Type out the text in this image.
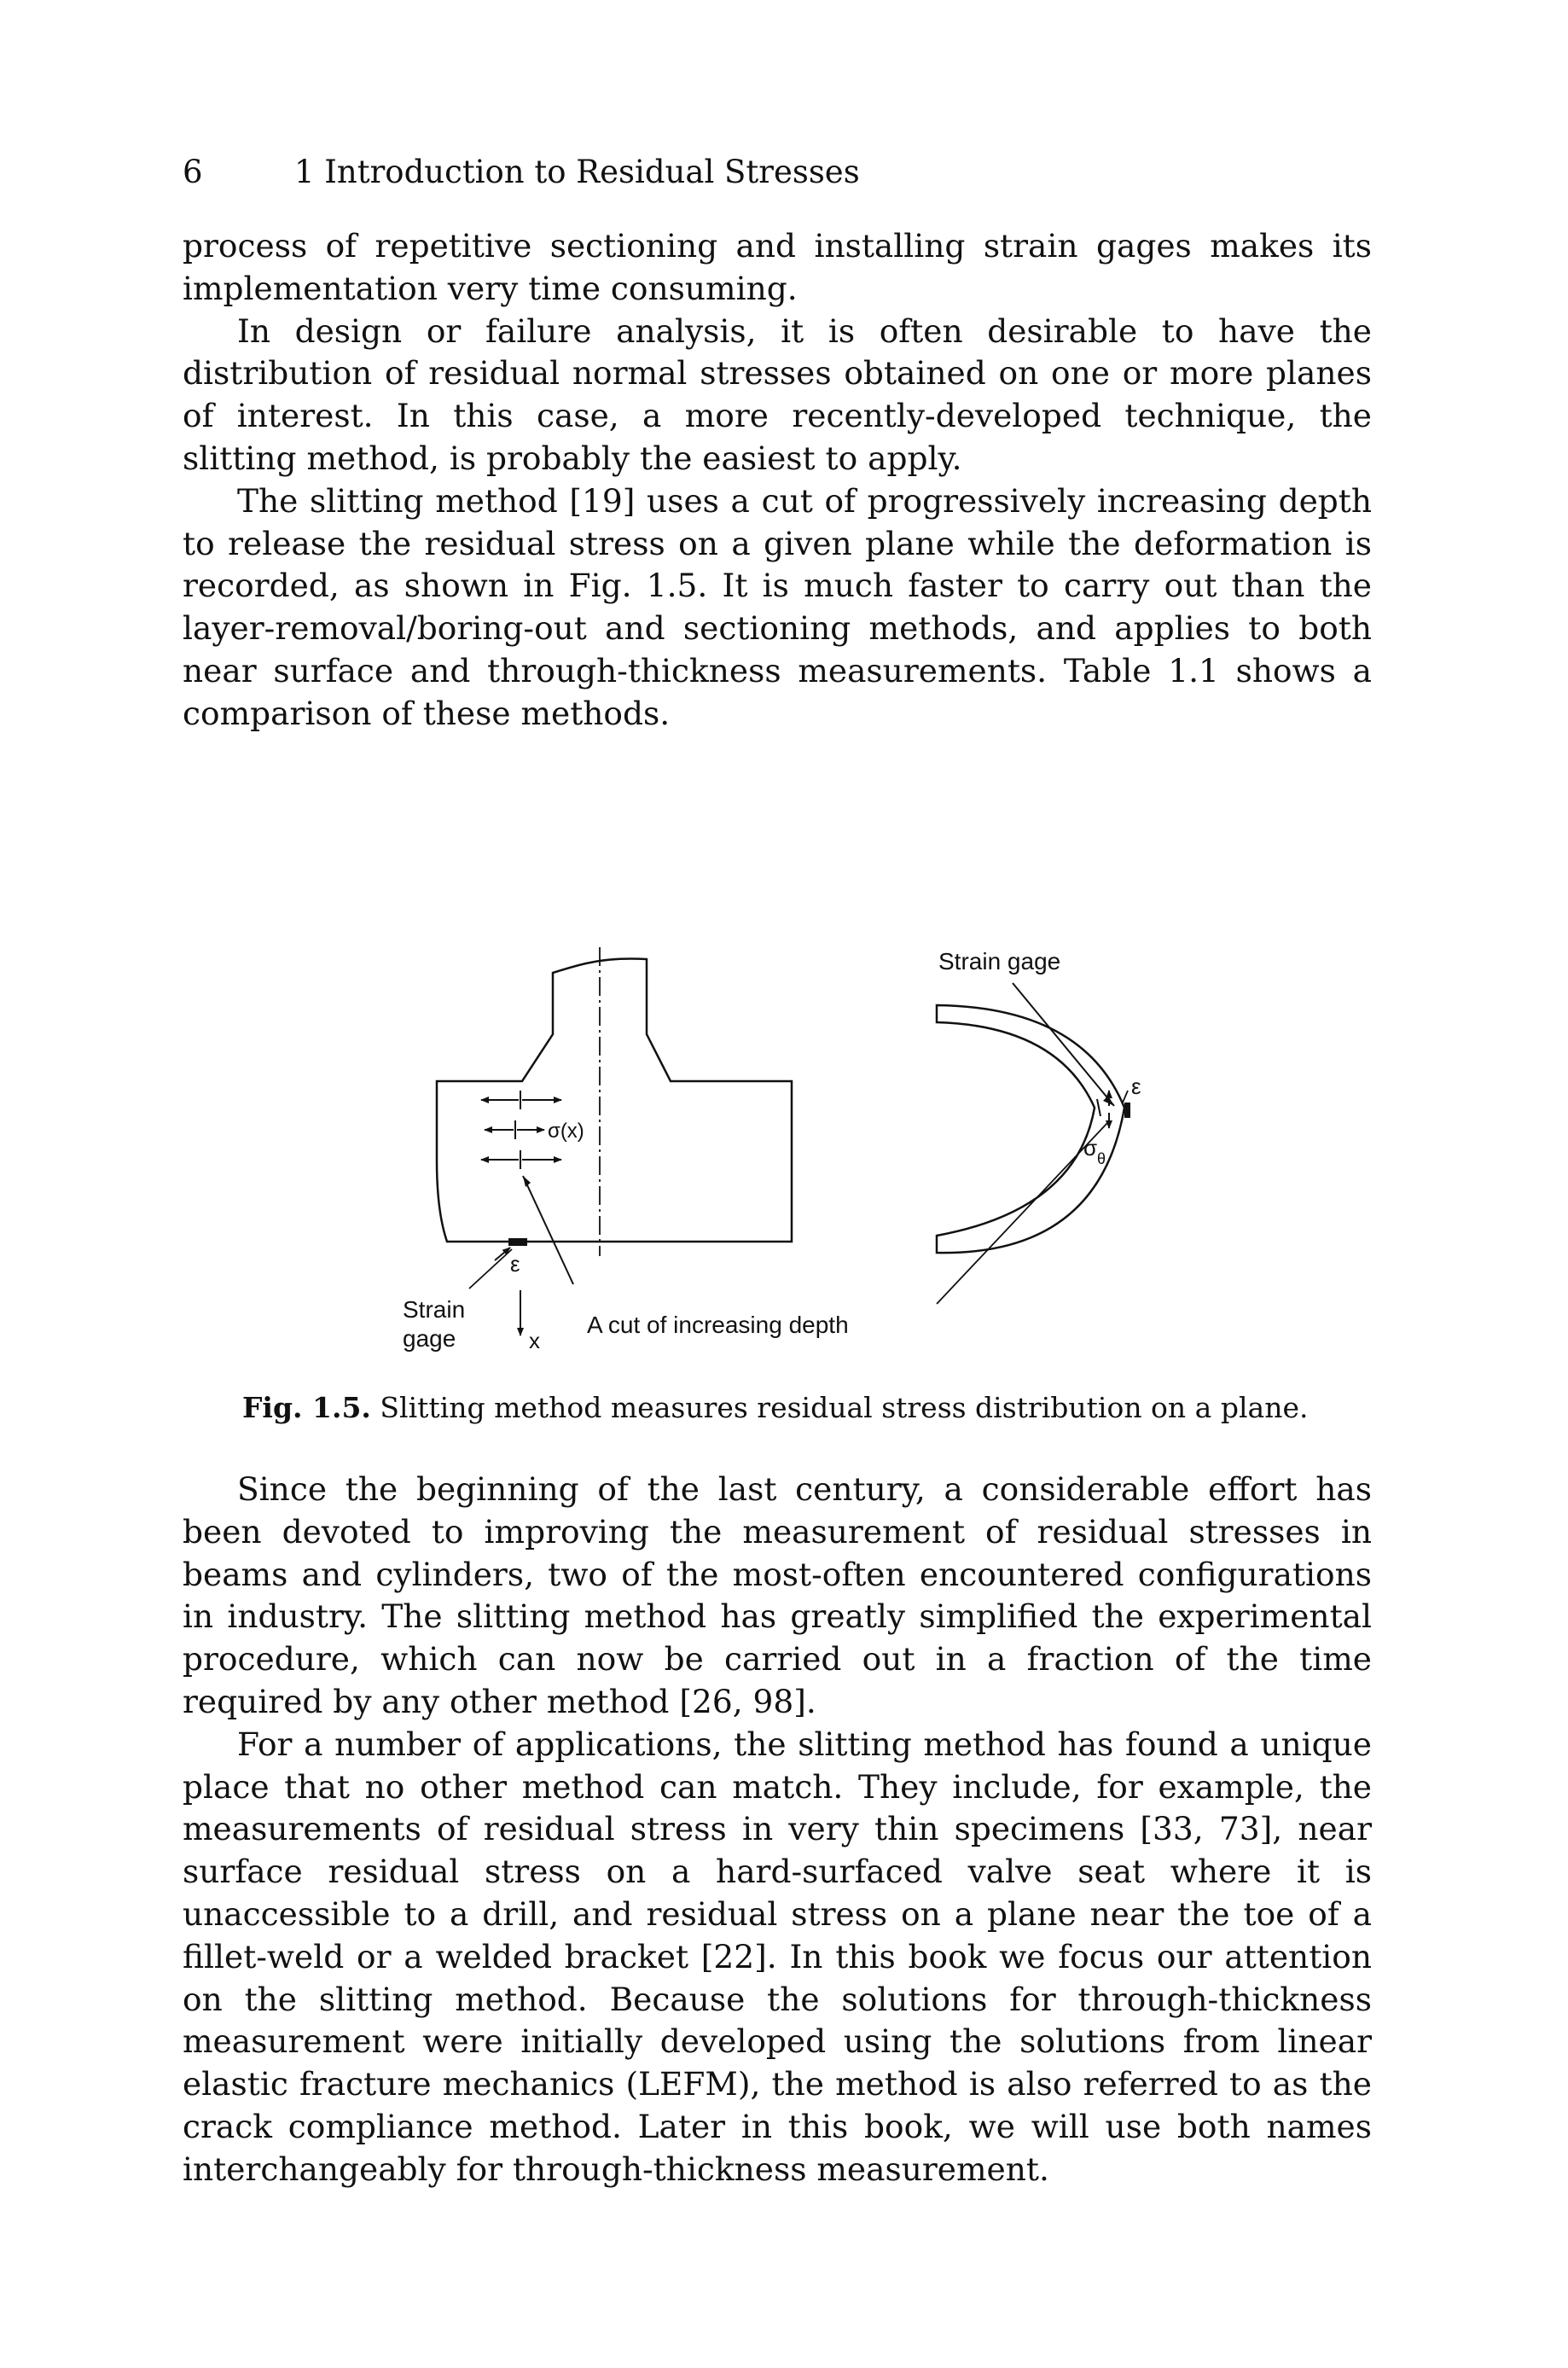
6	1 Introduction to Residual Stresses

process of repetitive sectioning and installing strain gages makes its implementation very time consuming.

In design or failure analysis, it is often desirable to have the distribution of residual normal stresses obtained on one or more planes of interest. In this case, a more recently-developed technique, the slitting method, is probably the easiest to apply.

The slitting method [19] uses a cut of progressively increasing depth to release the residual stress on a given plane while the deformation is recorded, as shown in Fig. 1.5. It is much faster to carry out than the layer-removal/boring-out and sectioning methods, and applies to both near surface and through-thickness measurements. Table 1.1 shows a comparison of these methods.

σ(x)
ε
Strain
gage	x
A cut of increasing depth
Strain gage
ε
$\sigma_\theta$
Fig. 1.5. Slitting method measures residual stress distribution on a plane.

Since the beginning of the last century, a considerable effort has been devoted to improving the measurement of residual stresses in beams and cylinders, two of the most-often encountered configurations in industry. The slitting method has greatly simplified the experimental procedure, which can now be carried out in a fraction of the time required by any other method [26, 98].

For a number of applications, the slitting method has found a unique place that no other method can match. They include, for example, the measurements of residual stress in very thin specimens [33, 73], near surface residual stress on a hard-surfaced valve seat where it is unaccessible to a drill, and residual stress on a plane near the toe of a fillet-weld or a welded bracket [22]. In this book we focus our attention on the slitting method. Because the solutions for through-thickness measurement were initially developed using the solutions from linear elastic fracture mechanics (LEFM), the method is also referred to as the crack compliance method. Later in this book, we will use both names interchangeably for through-thickness measurement.
